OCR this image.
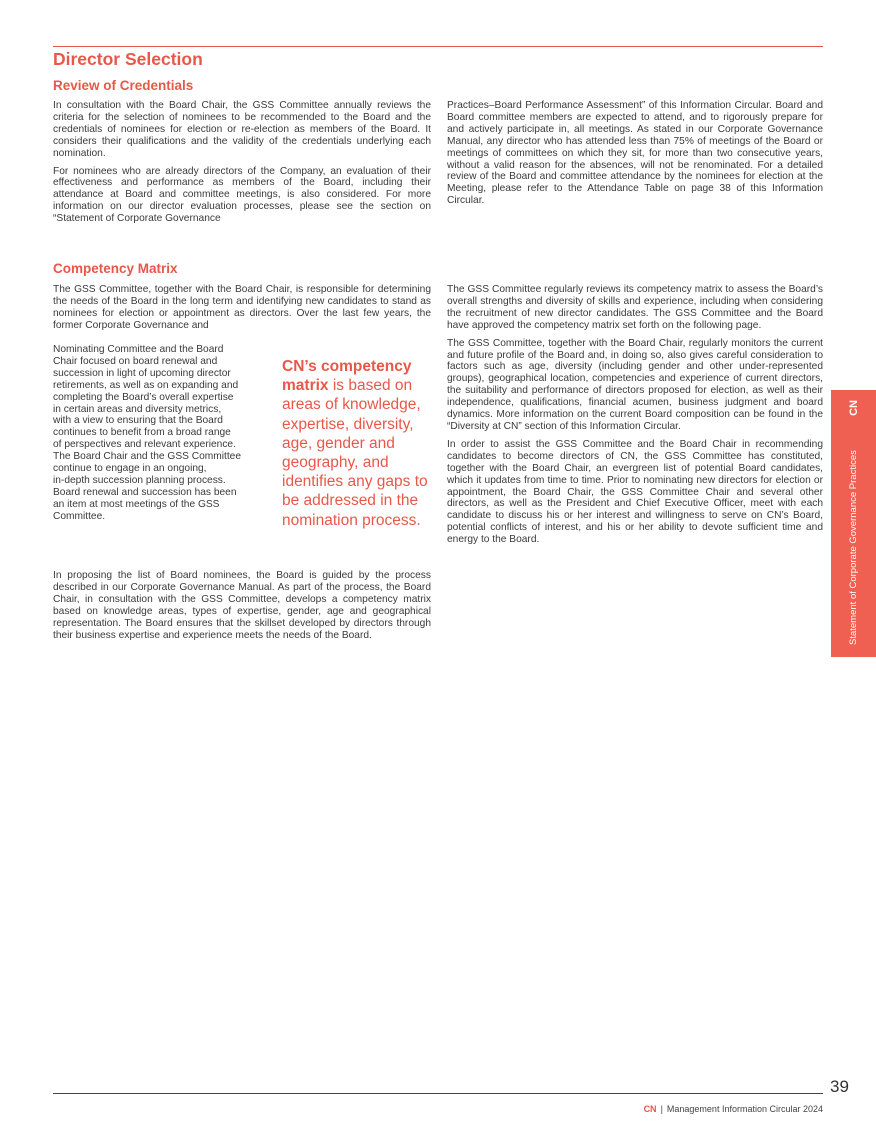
Director Selection
Review of Credentials

In consultation with the Board Chair, the GSS Committee annually reviews the criteria for the selection of nominees to be recommended to the Board and the credentials of nominees for election or re-election as members of the Board. It considers their qualifications and the validity of the credentials underlying each nomination.

For nominees who are already directors of the Company, an evaluation of their effectiveness and performance as members of the Board, including their attendance at Board and committee meetings, is also considered. For more information on our director evaluation processes, please see the section on “Statement of Corporate Governance

Practices–Board Performance Assessment” of this Information Circular. Board and Board committee members are expected to attend, and to rigorously prepare for and actively participate in, all meetings. As stated in our Corporate Governance Manual, any director who has attended less than 75% of meetings of the Board or meetings of committees on which they sit, for more than two consecutive years, without a valid reason for the absences, will not be renominated. For a detailed review of the Board and committee attendance by the nominees for election at the Meeting, please refer to the Attendance Table on page 38 of this Information Circular.

Competency Matrix

The GSS Committee, together with the Board Chair, is responsible for determining the needs of the Board in the long term and identifying new candidates to stand as nominees for election or appointment as directors. Over the last few years, the former Corporate Governance and

Nominating Committee and the Board
Chair focused on board renewal and
succession in light of upcoming director
retirements, as well as on expanding and
completing the Board’s overall expertise
in certain areas and diversity metrics,
with a view to ensuring that the Board
continues to benefit from a broad range
of perspectives and relevant experience.
The Board Chair and the GSS Committee
continue to engage in an ongoing,
in-depth succession planning process.
Board renewal and succession has been
an item at most meetings of the GSS
Committee.

CN’s competency matrix is based on areas of knowledge, expertise, diversity, age, gender and geography, and identifies any gaps to be addressed in the nomination process.

In proposing the list of Board nominees, the Board is guided by the process described in our Corporate Governance Manual. As part of the process, the Board Chair, in consultation with the GSS Committee, develops a competency matrix based on knowledge areas, types of expertise, gender, age and geographical representation. The Board ensures that the skillset developed by directors through their business expertise and experience meets the needs of the Board.

The GSS Committee regularly reviews its competency matrix to assess the Board’s overall strengths and diversity of skills and experience, including when considering the recruitment of new director candidates. The GSS Committee and the Board have approved the competency matrix set forth on the following page.

The GSS Committee, together with the Board Chair, regularly monitors the current and future profile of the Board and, in doing so, also gives careful consideration to factors such as age, diversity (including gender and other under-represented groups), geographical location, competencies and experience of current directors, the suitability and performance of directors proposed for election, as well as their independence, qualifications, financial acumen, business judgment and board dynamics. More information on the current Board composition can be found in the “Diversity at CN” section of this Information Circular.

In order to assist the GSS Committee and the Board Chair in recommending candidates to become directors of CN, the GSS Committee has constituted, together with the Board Chair, an evergreen list of potential Board candidates, which it updates from time to time. Prior to nominating new directors for election or appointment, the Board Chair, the GSS Committee Chair and several other directors, as well as the President and Chief Executive Officer, meet with each candidate to discuss his or her interest and willingness to serve on CN’s Board, potential conflicts of interest, and his or her ability to devote sufficient time and energy to the Board.	Statement of Corporate Governance Practices
CN
39
CN | Management Information Circular 2024
